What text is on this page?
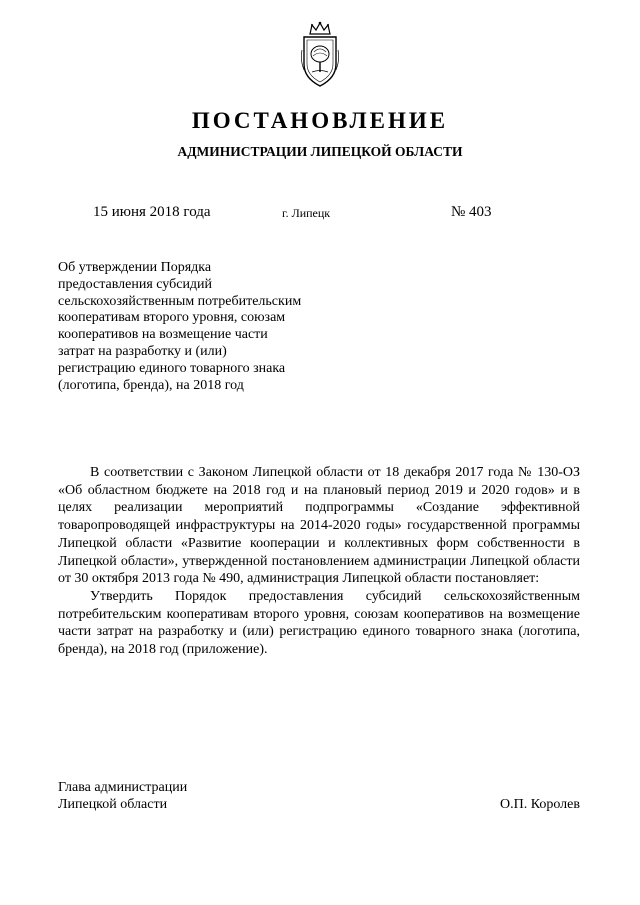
ПОСТАНОВЛЕНИЕ
АДМИНИСТРАЦИИ ЛИПЕЦКОЙ ОБЛАСТИ
15 июня 2018 года	г. Липецк	№ 403
Об утверждении Порядка
предоставления субсидий
сельскохозяйственным потребительским
кооперативам второго уровня, союзам
кооперативов на возмещение части
затрат на разработку и (или)
регистрацию единого товарного знака
(логотипа, бренда), на 2018 год

В соответствии с Законом Липецкой области от 18 декабря 2017 года № 130-ОЗ «Об областном бюджете на 2018 год и на плановый период 2019 и 2020 годов» и в целях реализации мероприятий подпрограммы «Создание эффективной товаропроводящей инфраструктуры на 2014-2020 годы» государственной программы Липецкой области «Развитие кооперации и коллективных форм собственности в Липецкой области», утвержденной постановлением администрации Липецкой области от 30 октября 2013 года № 490, администрация Липецкой области постановляет:

Утвердить Порядок предоставления субсидий сельскохозяйственным потребительским кооперативам второго уровня, союзам кооперативов на возмещение части затрат на разработку и (или) регистрацию единого товарного знака (логотипа, бренда), на 2018 год (приложение).

Глава администрации
Липецкой области	О.П. Королев
